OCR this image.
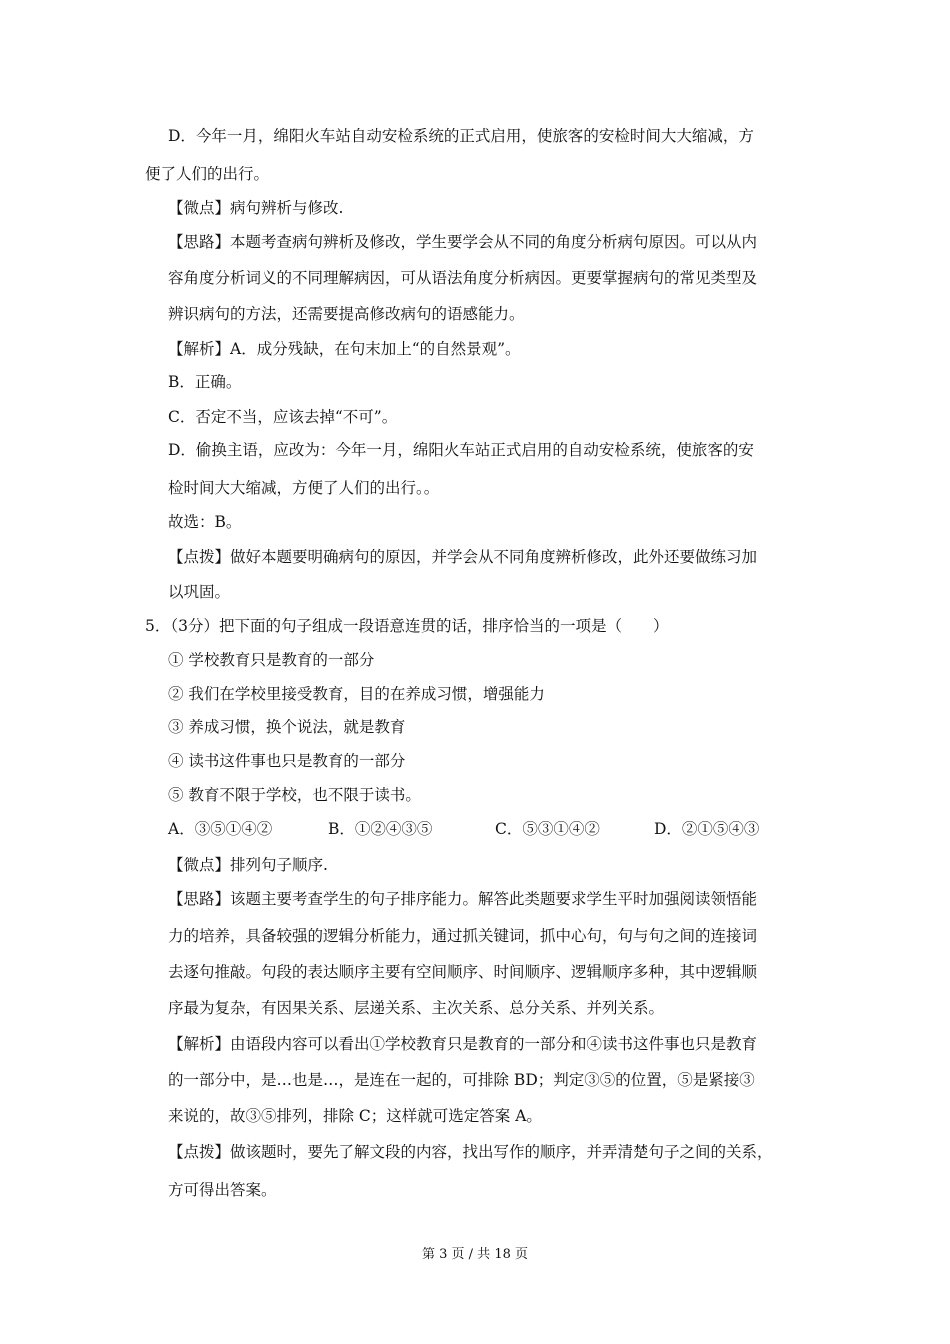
D．今年一月，绵阳火车站自动安检系统的正式启用，使旅客的安检时间大大缩减，方
便了人们的出行。
【微点】病句辨析与修改.
【思路】本题考查病句辨析及修改，学生要学会从不同的角度分析病句原因。可以从内
容角度分析词义的不同理解病因，可从语法角度分析病因。更要掌握病句的常见类型及
辨识病句的方法，还需要提高修改病句的语感能力。
【解析】A．成分残缺，在句末加上“的自然景观”。
B．正确。
C．否定不当，应该去掉“不可”。
D．偷换主语，应改为：今年一月，绵阳火车站正式启用的自动安检系统，使旅客的安
检时间大大缩减，方便了人们的出行。。
故选：B。
【点拨】做好本题要明确病句的原因，并学会从不同角度辨析修改，此外还要做练习加
以巩固。
5．（3分）把下面的句子组成一段语意连贯的话，排序恰当的一项是（　　）
① 学校教育只是教育的一部分
② 我们在学校里接受教育，目的在养成习惯，增强能力
③ 养成习惯，换个说法，就是教育
④ 读书这件事也只是教育的一部分
⑤ 教育不限于学校，也不限于读书。
A．③⑤①④②	B．①②④③⑤	C．⑤③①④②	D．②①⑤④③
【微点】排列句子顺序.
【思路】该题主要考查学生的句子排序能力。解答此类题要求学生平时加强阅读领悟能
力的培养，具备较强的逻辑分析能力，通过抓关键词，抓中心句，句与句之间的连接词
去逐句推敲。句段的表达顺序主要有空间顺序、时间顺序、逻辑顺序多种，其中逻辑顺
序最为复杂，有因果关系、层递关系、主次关系、总分关系、并列关系。
【解析】由语段内容可以看出①学校教育只是教育的一部分和④读书这件事也只是教育
的一部分中，是…也是…，是连在一起的，可排除 BD；判定③⑤的位置，⑤是紧接③
来说的，故③⑤排列，排除 C；这样就可选定答案 A。
【点拨】做该题时，要先了解文段的内容，找出写作的顺序，并弄清楚句子之间的关系，
方可得出答案。
第 3 页 / 共 18 页
